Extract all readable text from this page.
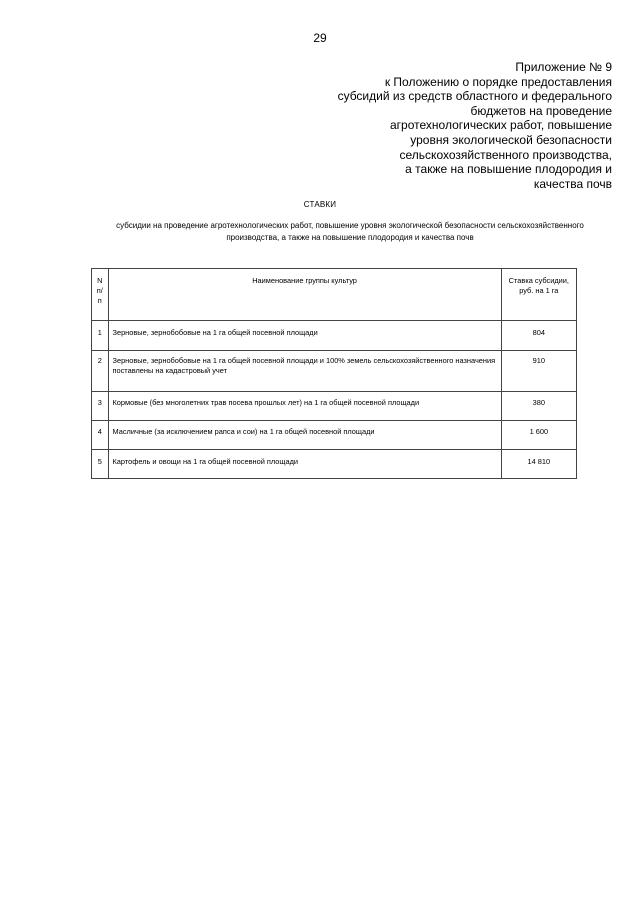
29
Приложение № 9
к Положению о порядке предоставления
субсидий из средств областного и федерального
бюджетов на проведение
агротехнологических работ, повышение
уровня экологической безопасности
сельскохозяйственного производства,
а также на повышение плодородия и
качества почв
СТАВКИ
субсидии на проведение агротехнологических работ, повышение уровня экологической безопасности сельскохозяйственного
производства, а также на повышение плодородия и качества почв
N п/п	Наименование группы культур	Ставка субсидии, руб. на 1 га
1	Зерновые, зернобобовые на 1 га общей посевной площади	804
2	Зерновые, зернобобовые на 1 га общей посевной площади и 100% земель сельскохозяйственного назначения поставлены на кадастровый учет	910
3	Кормовые (без многолетних трав посева прошлых лет) на 1 га общей посевной площади	380
4	Масличные (за исключением рапса и сои) на 1 га общей посевной площади	1 600
5	Картофель и овощи на 1 га общей посевной площади	14 810
